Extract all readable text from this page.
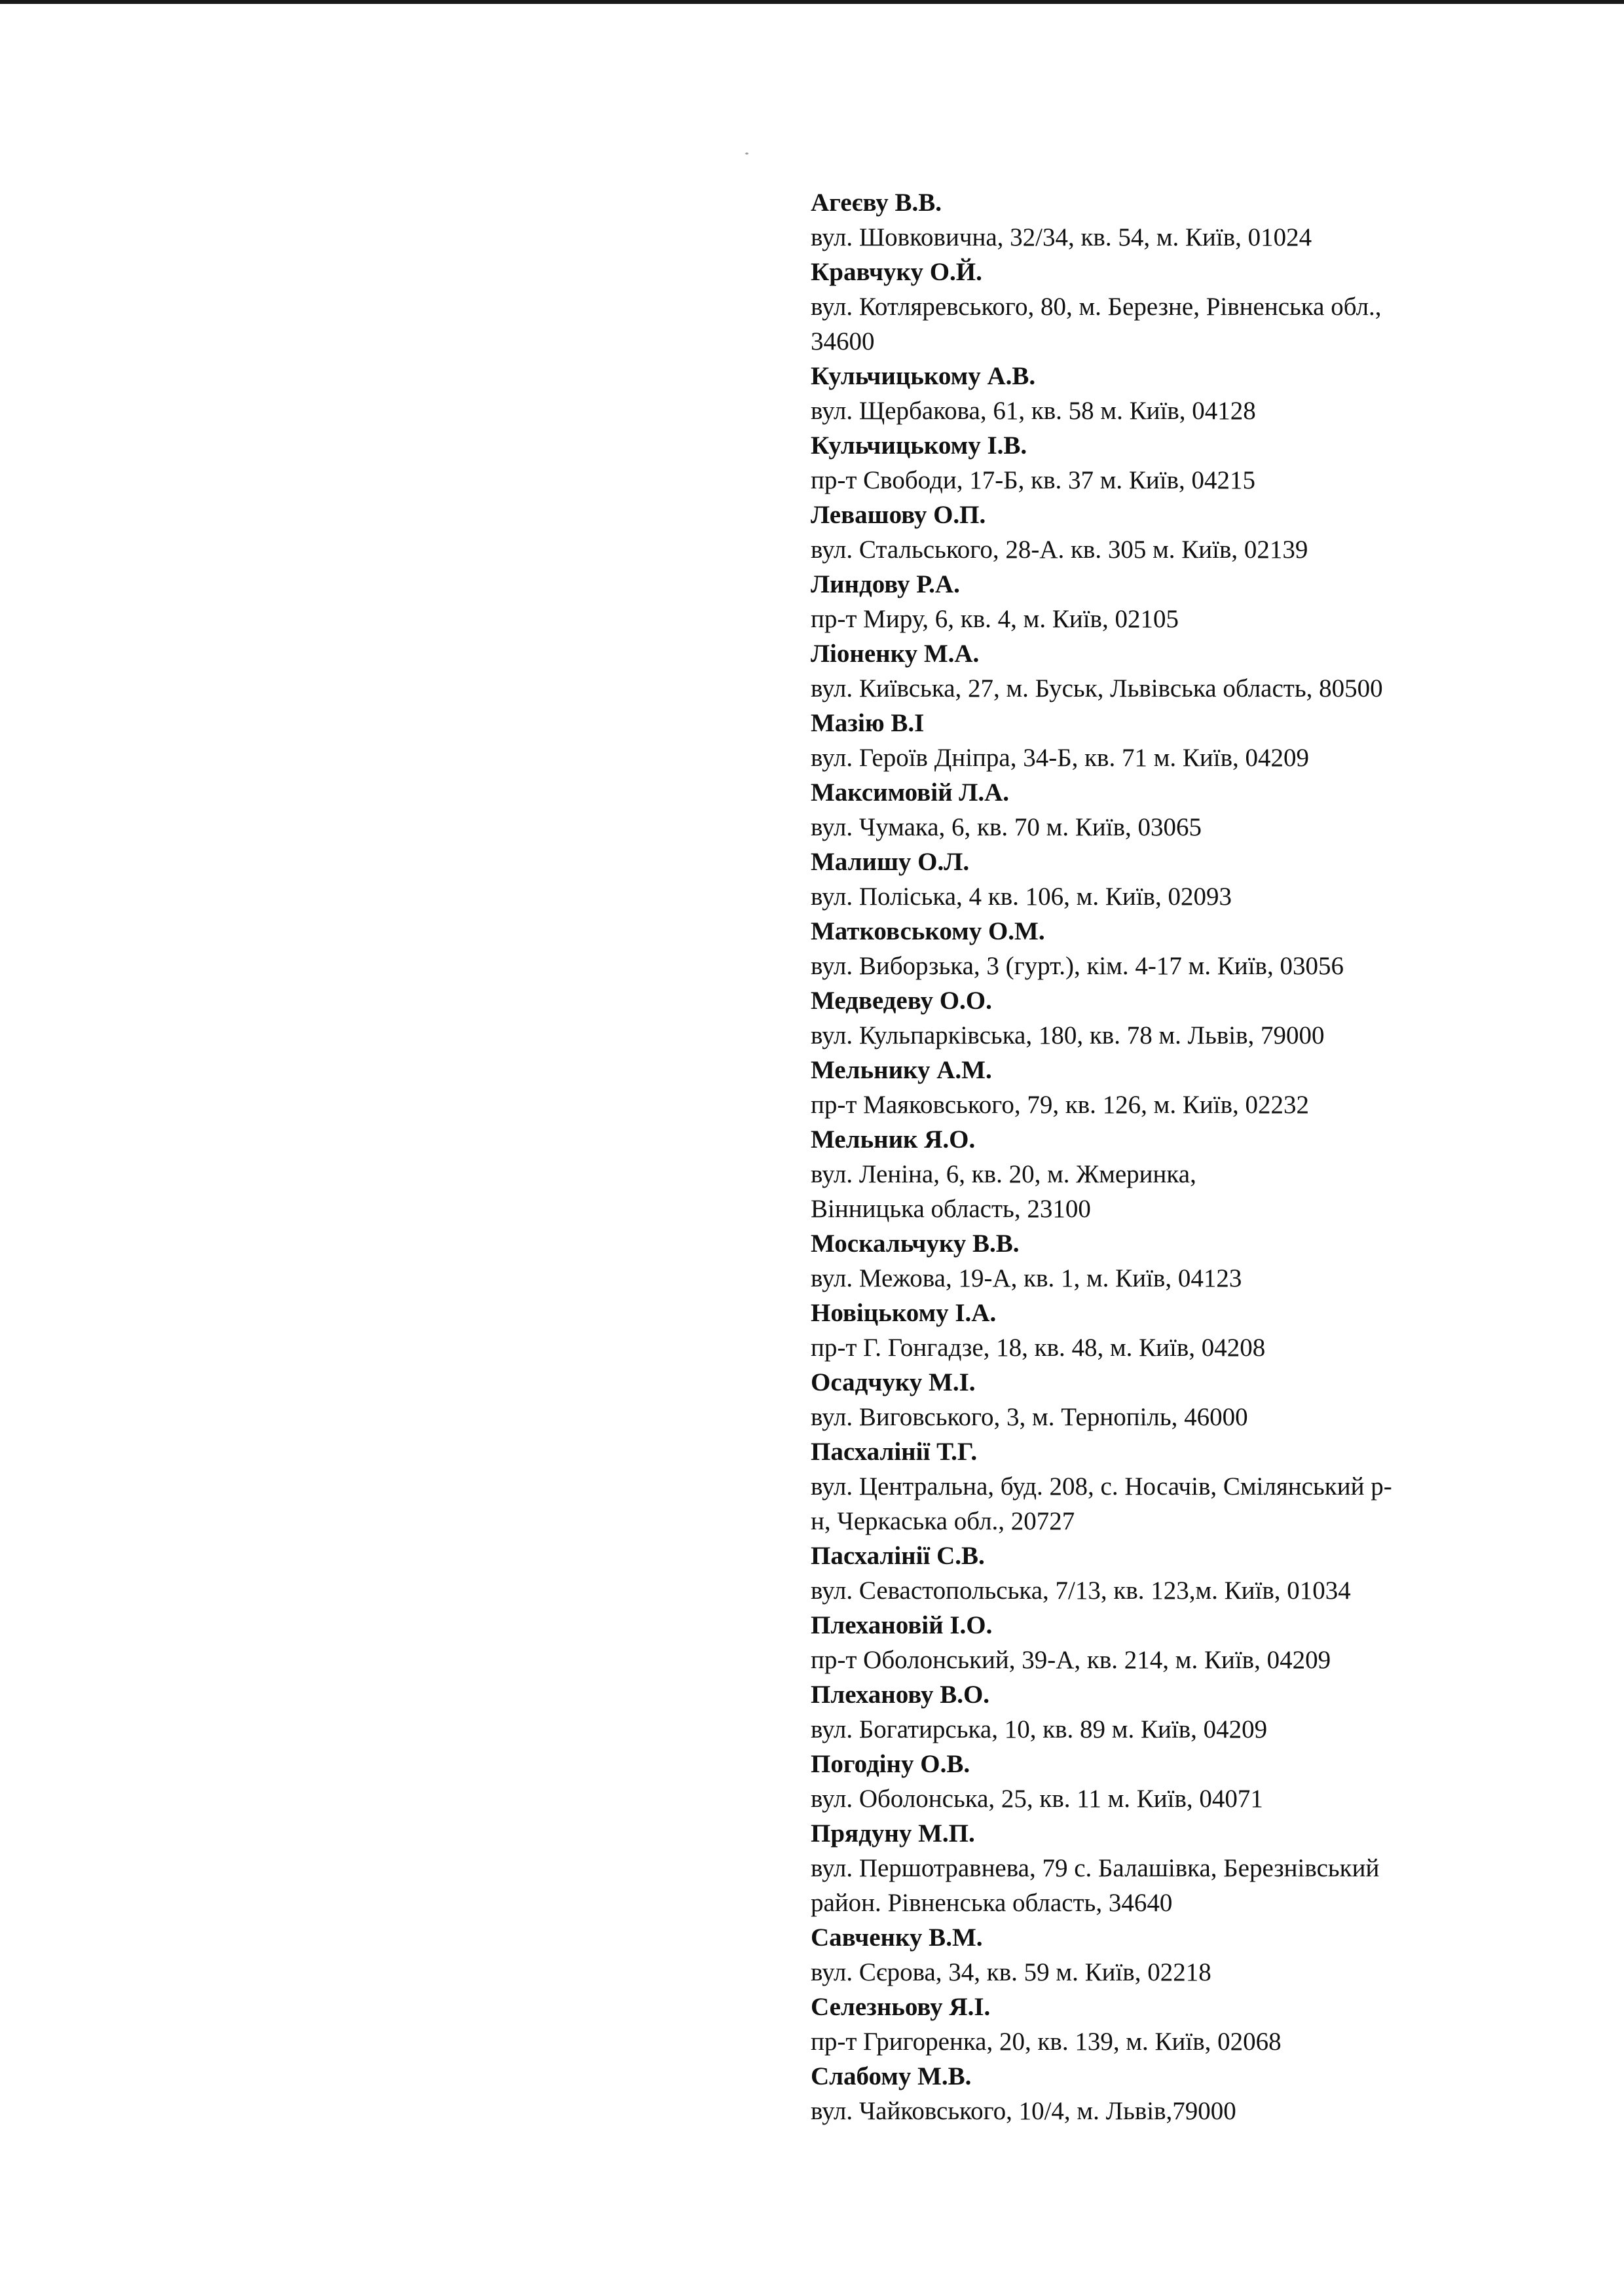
Агеєву В.В.
вул. Шовковична, 32/34, кв. 54, м. Київ, 01024
Кравчуку О.Й.
вул. Котляревського, 80, м. Березне, Рівненська обл.,
34600
Кульчицькому А.В.
вул. Щербакова, 61, кв. 58 м. Київ, 04128
Кульчицькому І.В.
пр-т Свободи, 17-Б, кв. 37 м. Київ, 04215
Левашову О.П.
вул. Стальського, 28-А. кв. 305 м. Київ, 02139
Линдову Р.А.
пр-т Миру, 6, кв. 4, м. Київ, 02105
Ліоненку М.А.
вул. Київська, 27, м. Буськ, Львівська область, 80500
Мазію В.І
вул. Героїв Дніпра, 34-Б, кв. 71 м. Київ, 04209
Максимовій Л.А.
вул. Чумака, 6, кв. 70 м. Київ, 03065
Малишу О.Л.
вул. Поліська, 4 кв. 106, м. Київ, 02093
Матковському О.М.
вул. Виборзька, 3 (гурт.), кім. 4-17 м. Київ, 03056
Медведеву О.О.
вул. Кульпарківська, 180, кв. 78 м. Львів, 79000
Мельнику А.М.
пр-т Маяковського, 79, кв. 126, м. Київ, 02232
Мельник Я.О.
вул. Леніна, 6, кв. 20, м. Жмеринка,
Вінницька область, 23100
Москальчуку В.В.
вул. Межова, 19-А, кв. 1, м. Київ, 04123
Новіцькому І.А.
пр-т Г. Гонгадзе, 18, кв. 48, м. Київ, 04208
Осадчуку М.І.
вул. Виговського, 3, м. Тернопіль, 46000
Пасхалінії Т.Г.
вул. Центральна, буд. 208, с. Носачів, Смілянський р-
н, Черкаська обл., 20727
Пасхалінії С.В.
вул. Севастопольська, 7/13, кв. 123,м. Київ, 01034
Плехановій І.О.
пр-т Оболонський, 39-А, кв. 214, м. Київ, 04209
Плеханову В.О.
вул. Богатирська, 10, кв. 89 м. Київ, 04209
Погодіну О.В.
вул. Оболонська, 25, кв. 11 м. Київ, 04071
Прядуну М.П.
вул. Першотравнева, 79 с. Балашівка, Березнівський
район. Рівненська область, 34640
Савченку В.М.
вул. Сєрова, 34, кв. 59 м. Київ, 02218
Селезньову Я.І.
пр-т Григоренка, 20, кв. 139, м. Київ, 02068
Слабому М.В.
вул. Чайковського, 10/4, м. Львів,79000
